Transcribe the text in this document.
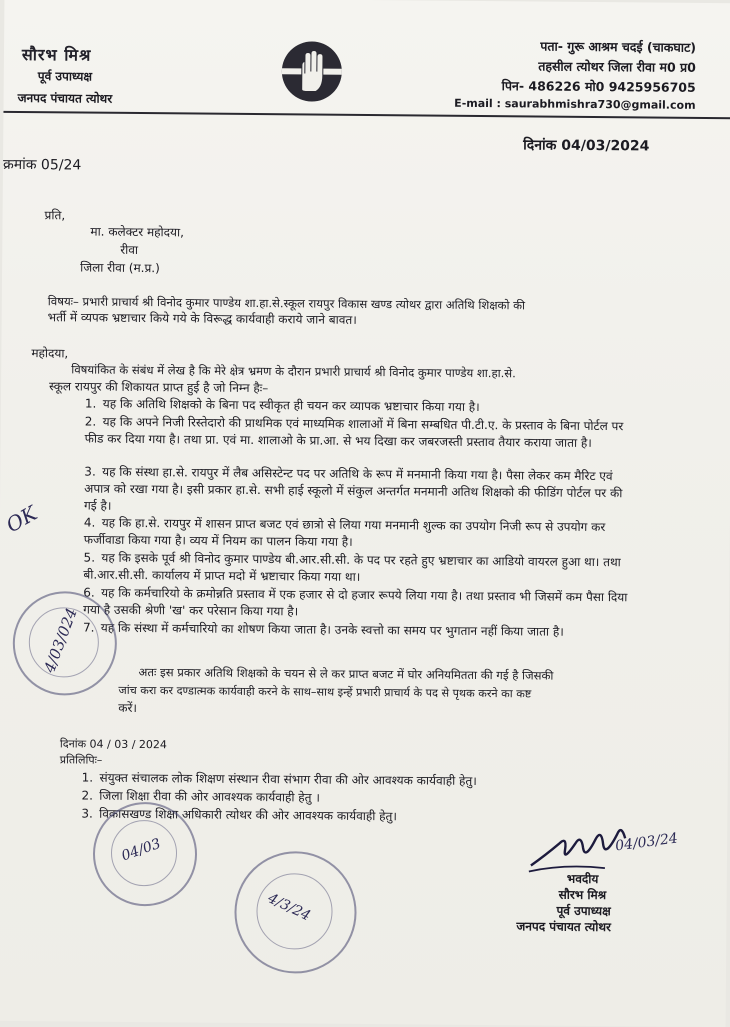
सौरभ मिश्र
पूर्व उपाध्यक्ष
जनपद पंचायत त्योथर
पता- गुरू आश्रम चदई (चाकघाट)
तहसील त्योथर जिला रीवा म0 प्र0
पिन- 486226 मो0 9425956705
E-mail : saurabhmishra730@gmail.com
दिनांक 04/03/2024
क्रमांक 05/24
प्रति,
मा. कलेक्टर महोदया,
रीवा
जिला रीवा (म.प्र.)
विषयः– प्रभारी प्राचार्य श्री विनोद कुमार पाण्डेय शा.हा.से.स्कूल रायपुर विकास खण्ड त्योथर द्वारा अतिथि शिक्षको की
भर्ती में व्यपक भ्रष्टाचार किये गये के विरूद्ध कार्यवाही कराये जाने बावत।
महोदया,
विषयांकित के संबंध में लेख है कि मेरे क्षेत्र भ्रमण के दौरान प्रभारी प्राचार्य श्री विनोद कुमार पाण्डेय शा.हा.से.
स्कूल रायपुर की शिकायत प्राप्त हुई है जो निम्न हैः–
1. यह कि अतिथि शिक्षको के बिना पद स्वीकृत ही चयन कर व्यापक भ्रष्टाचार किया गया है।
2. यह कि अपने निजी रिस्तेदारो की प्राथमिक एवं माध्यमिक शालाओं में बिना सम्बधित पी.टी.ए. के प्रस्ताव के बिना पोर्टल पर फीड कर दिया गया है। तथा प्रा. एवं मा. शालाओ के प्रा.आ. से भय दिखा कर जबरजस्ती प्रस्ताव तैयार कराया जाता है।
3. यह कि संस्था हा.से. रायपुर में लैब असिस्टेन्ट पद पर अतिथि के रूप में मनमानी किया गया है। पैसा लेकर कम मैरिट एवं अपात्र को रखा गया है। इसी प्रकार हा.से. सभी हाई स्कूलो में संकुल अन्तर्गत मनमानी अतिथ शिक्षको की फीडिंग पोर्टल पर की गई है।
4. यह कि हा.से. रायपुर में शासन प्राप्त बजट एवं छात्रो से लिया गया मनमानी शुल्क का उपयोग निजी रूप से उपयोग कर फर्जीवाडा किया गया है। व्यय में नियम का पालन किया गया है।
5. यह कि इसके पूर्व श्री विनोद कुमार पाण्डेय बी.आर.सी.सी. के पद पर रहते हुए भ्रष्टाचार का आडियो वायरल हुआ था। तथा बी.आर.सी.सी. कार्यालय में प्राप्त मदो में भ्रष्टाचार किया गया था।
6. यह कि कर्मचारियो के क्रमोन्नति प्रस्ताव में एक हजार से दो हजार रूपये लिया गया है। तथा प्रस्ताव भी जिसमें कम पैसा दिया गया है उसकी श्रेणी 'ख' कर परेसान किया गया है।
7. यह कि संस्था में कर्मचारियो का शोषण किया जाता है। उनके स्वत्तो का समय पर भुगतान नहीं किया जाता है।
अतः इस प्रकार अतिथि शिक्षको के चयन से ले कर प्राप्त बजट में घोर अनियमितता की गई है जिसकी
जांच करा कर दण्डात्मक कार्यवाही करने के साथ–साथ इन्हें प्रभारी प्राचार्य के पद से पृथक करने का कष्ट
करें।
दिनांक 04 / 03 / 2024
प्रतिलिपिः–
1. संयुक्त संचालक लोक शिक्षण संस्थान रीवा संभाग रीवा की ओर आवश्यक कार्यवाही हेतु।
2. जिला शिक्षा रीवा की ओर आवश्यक कार्यवाही हेतु ।
3. विकासखण्ड शिक्षा अधिकारी त्योथर की ओर आवश्यक कार्यवाही हेतु।
OK
4/03/024
04/03
4/3/24
04/03/24
भवदीय
सौरभ मिश्र
पूर्व उपाध्यक्ष
जनपद पंचायत त्योथर
